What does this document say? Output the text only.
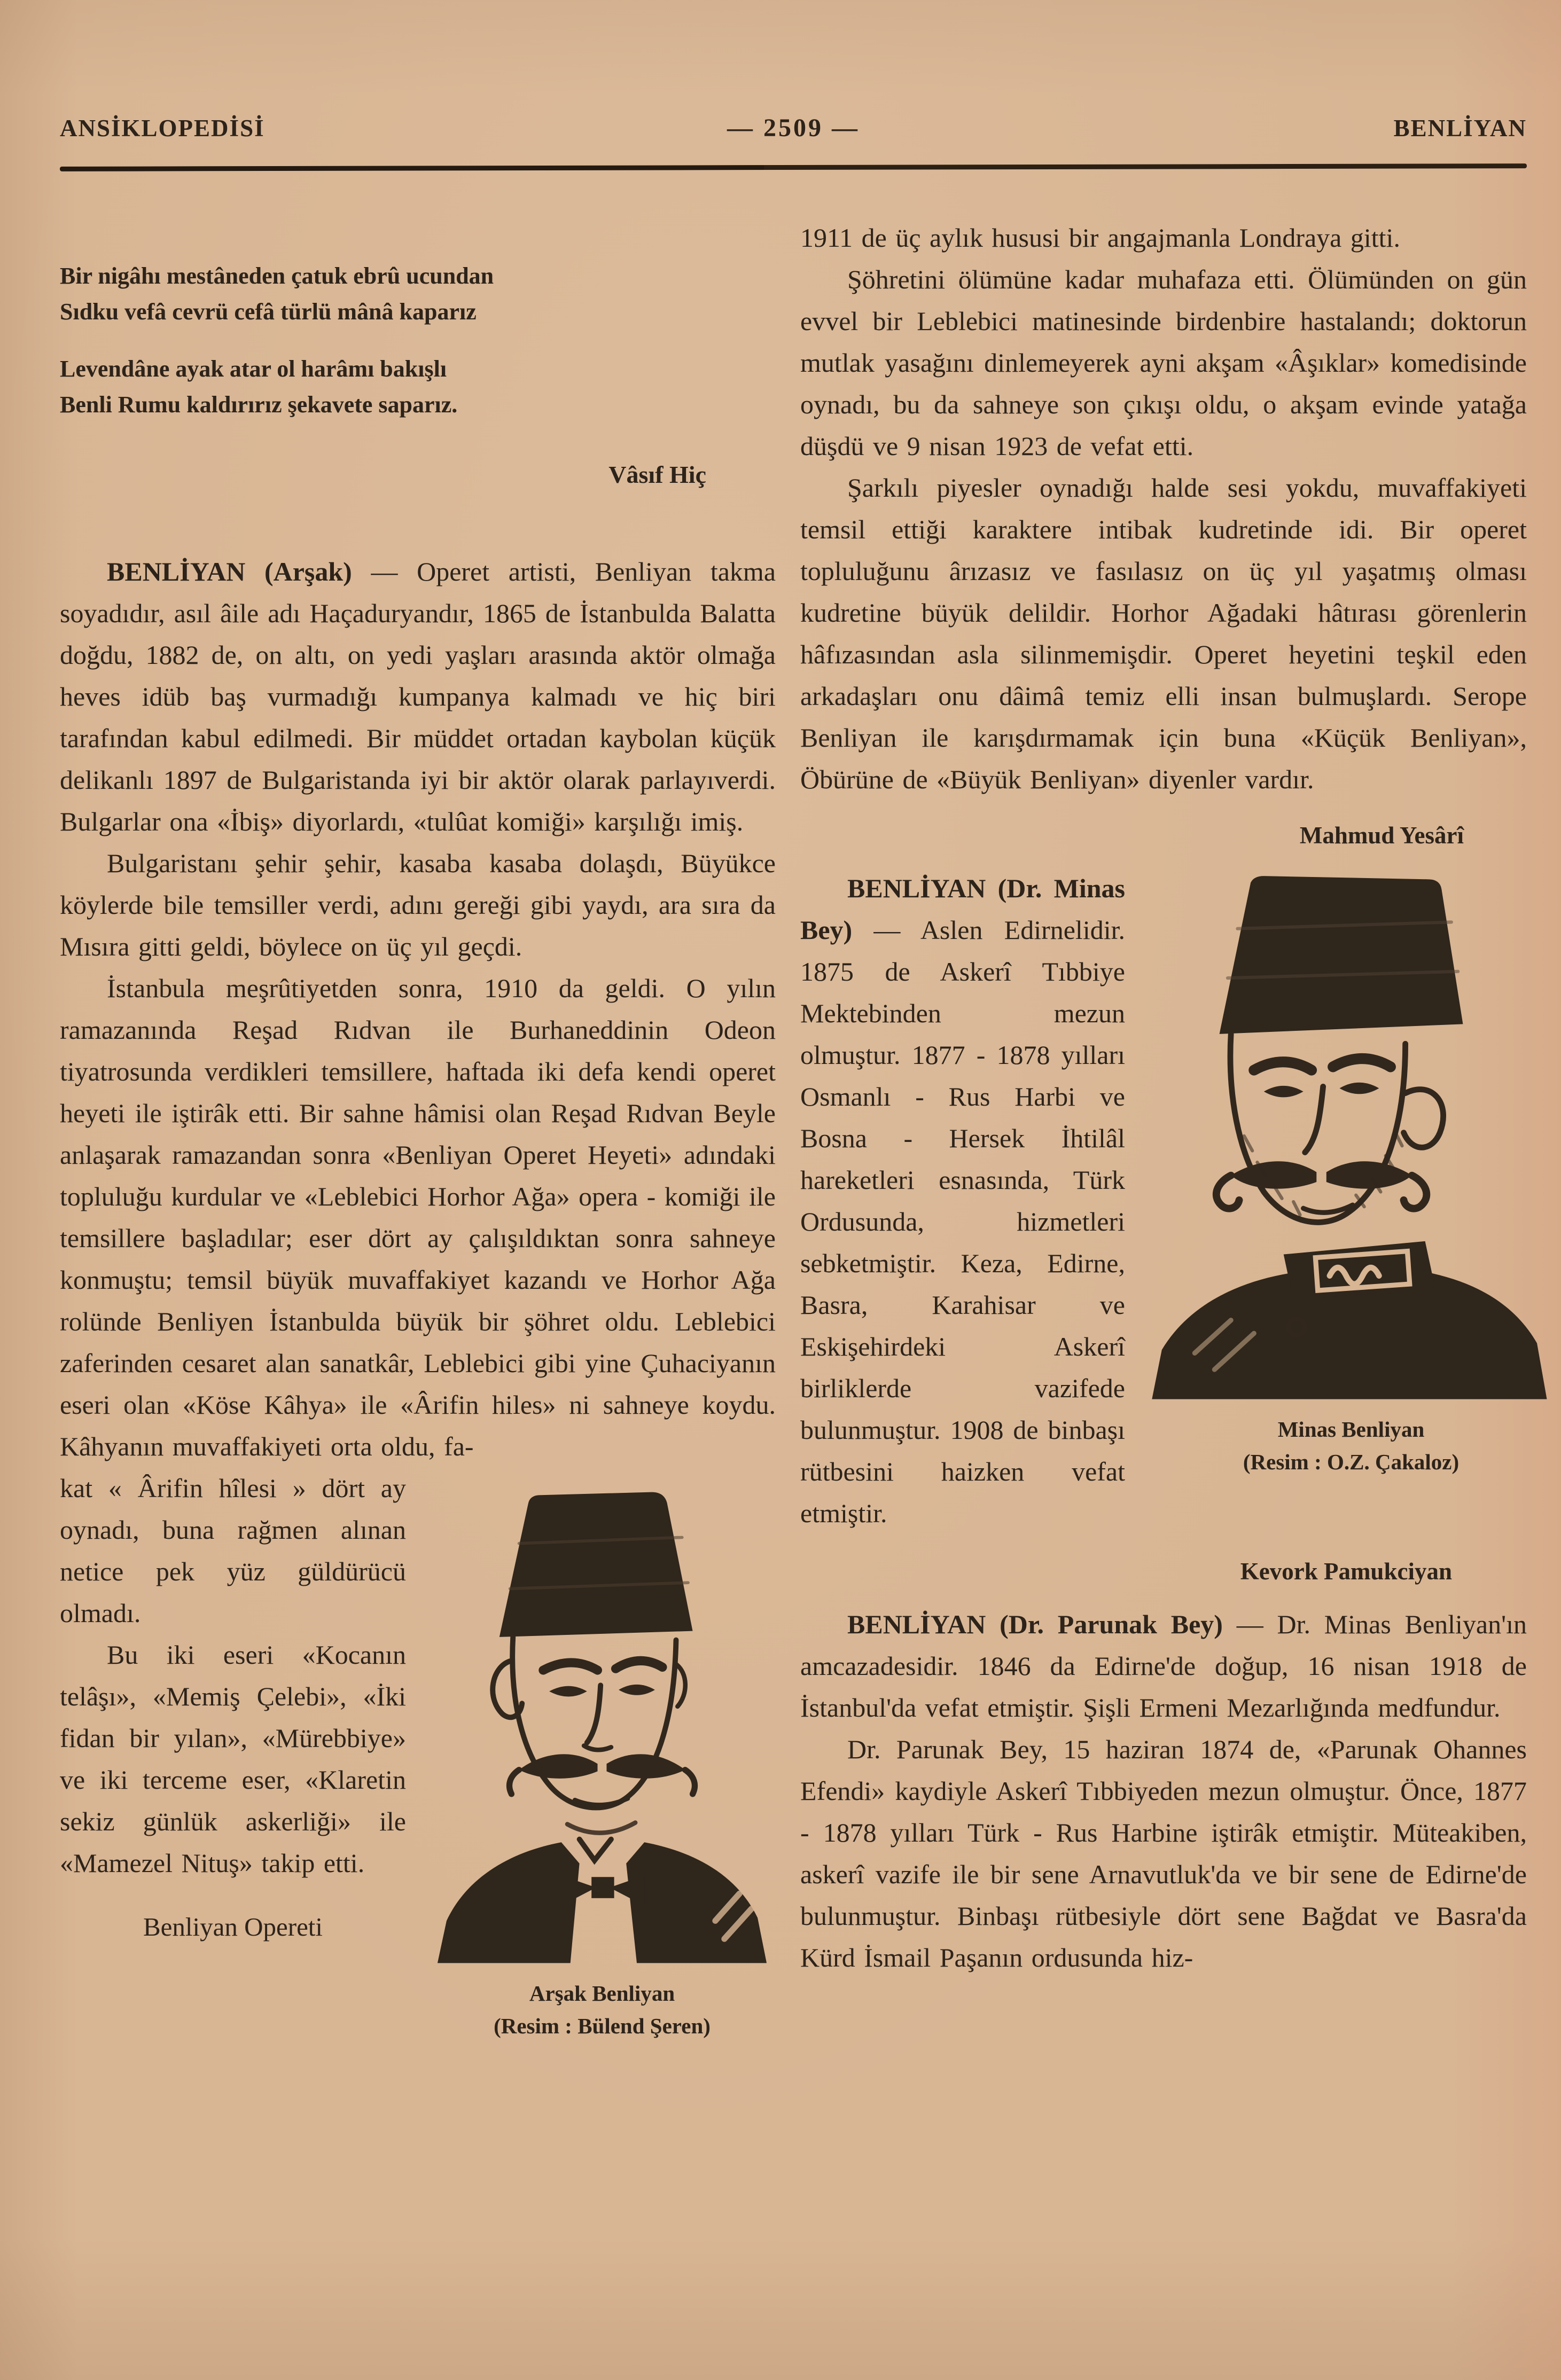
ANSİKLOPEDİSİ	— 2509 —	BENLİYAN
Bir nigâhı mestâneden çatuk ebrû ucundan
Sıdku vefâ cevrü cefâ türlü mânâ kaparız
Levendâne ayak atar ol harâmı bakışlı
Benli Rumu kaldırırız şekavete saparız.
Vâsıf Hiç

BENLİYAN (Arşak) — Operet artisti, Benliyan takma soyadıdır, asıl âile adı Haçaduryandır, 1865 de İstanbulda Balatta doğdu, 1882 de, on altı, on yedi yaşları arasında aktör olmağa heves idüb baş vurmadığı kumpanya kalmadı ve hiç biri tarafından kabul edilmedi. Bir müddet ortadan kaybolan küçük delikanlı 1897 de Bulgaristanda iyi bir aktör olarak parlayıverdi. Bulgarlar ona «İbiş» diyorlardı, «tulûat komiği» karşılığı imiş.

Bulgaristanı şehir şehir, kasaba kasaba dolaşdı, Büyükce köylerde bile temsiller verdi, adını gereği gibi yaydı, ara sıra da Mısıra gitti geldi, böylece on üç yıl geçdi.

İstanbula meşrûtiyetden sonra, 1910 da geldi. O yılın ramazanında Reşad Rıdvan ile Burhaneddinin Odeon tiyatrosunda verdikleri temsillere, haftada iki defa kendi operet heyeti ile iştirâk etti. Bir sahne hâmisi olan Reşad Rıdvan Beyle anlaşarak ramazandan sonra «Benliyan Operet Heyeti» adındaki topluluğu kurdular ve «Leblebici Horhor Ağa» opera - komiği ile temsillere başladılar; eser dört ay çalışıldıktan sonra sahneye konmuştu; temsil büyük muvaffakiyet kazandı ve Horhor Ağa rolünde Benliyen İstanbulda büyük bir şöhret oldu. Leblebici zaferinden cesaret alan sanatkâr, Leblebici gibi yine Çuhaciyanın eseri olan «Köse Kâhya» ile «Ârifin hiles» ni sahneye koydu. Kâhyanın muvaffakiyeti orta oldu, fa-

Arşak Benliyan
(Resim : Bülend Şeren)

kat « Ârifin hîlesi » dört ay oynadı, buna rağmen alınan netice pek yüz güldürücü olmadı.

Bu iki eseri «Kocanın telâşı», «Memiş Çelebi», «İki fidan bir yılan», «Mürebbiye» ve iki terceme eser, «Klaretin sekiz günlük askerliği» ile «Mamezel Nituş» takip etti.

Benliyan Opereti

1911 de üç aylık hususi bir angajmanla Londraya gitti.

Şöhretini ölümüne kadar muhafaza etti. Ölümünden on gün evvel bir Leblebici matinesinde birdenbire hastalandı; doktorun mutlak yasağını dinlemeyerek ayni akşam «Âşıklar» komedisinde oynadı, bu da sahneye son çıkışı oldu, o akşam evinde yatağa düşdü ve 9 nisan 1923 de vefat etti.

Şarkılı piyesler oynadığı halde sesi yokdu, muvaffakiyeti temsil ettiği karaktere intibak kudretinde idi. Bir operet topluluğunu ârızasız ve fasılasız on üç yıl yaşatmış olması kudretine büyük delildir. Horhor Ağadaki hâtırası görenlerin hâfızasından asla silinmemişdir. Operet heyetini teşkil eden arkadaşları onu dâimâ temiz elli insan bulmuşlardı. Serope Benliyan ile karışdırmamak için buna «Küçük Benliyan», Öbürüne de «Büyük Benliyan» diyenler vardır.

Mahmud Yesârî
Minas Benliyan
(Resim : O.Z. Çakaloz)

BENLİYAN (Dr. Minas Bey) — Aslen Edirnelidir. 1875 de Askerî Tıbbiye Mektebinden mezun olmuştur. 1877 - 1878 yılları Osmanlı - Rus Harbi ve Bosna - Hersek İhtilâl hareketleri esnasında, Türk Ordusunda, hizmetleri sebketmiştir. Keza, Edirne, Basra, Karahisar ve Eskişehirdeki Askerî birliklerde vazifede bulunmuştur. 1908 de binbaşı rütbesini haizken vefat etmiştir.

Kevork Pamukciyan

BENLİYAN (Dr. Parunak Bey) — Dr. Minas Benliyan'ın amcazadesidir. 1846 da Edirne'de doğup, 16 nisan 1918 de İstanbul'da vefat etmiştir. Şişli Ermeni Mezarlığında medfundur.

Dr. Parunak Bey, 15 haziran 1874 de, «Parunak Ohannes Efendi» kaydiyle Askerî Tıbbiyeden mezun olmuştur. Önce, 1877 - 1878 yılları Türk - Rus Harbine iştirâk etmiştir. Müteakiben, askerî vazife ile bir sene Arnavutluk'da ve bir sene de Edirne'de bulunmuştur. Binbaşı rütbesiyle dört sene Bağdat ve Basra'da Kürd İsmail Paşanın ordusunda hiz-
